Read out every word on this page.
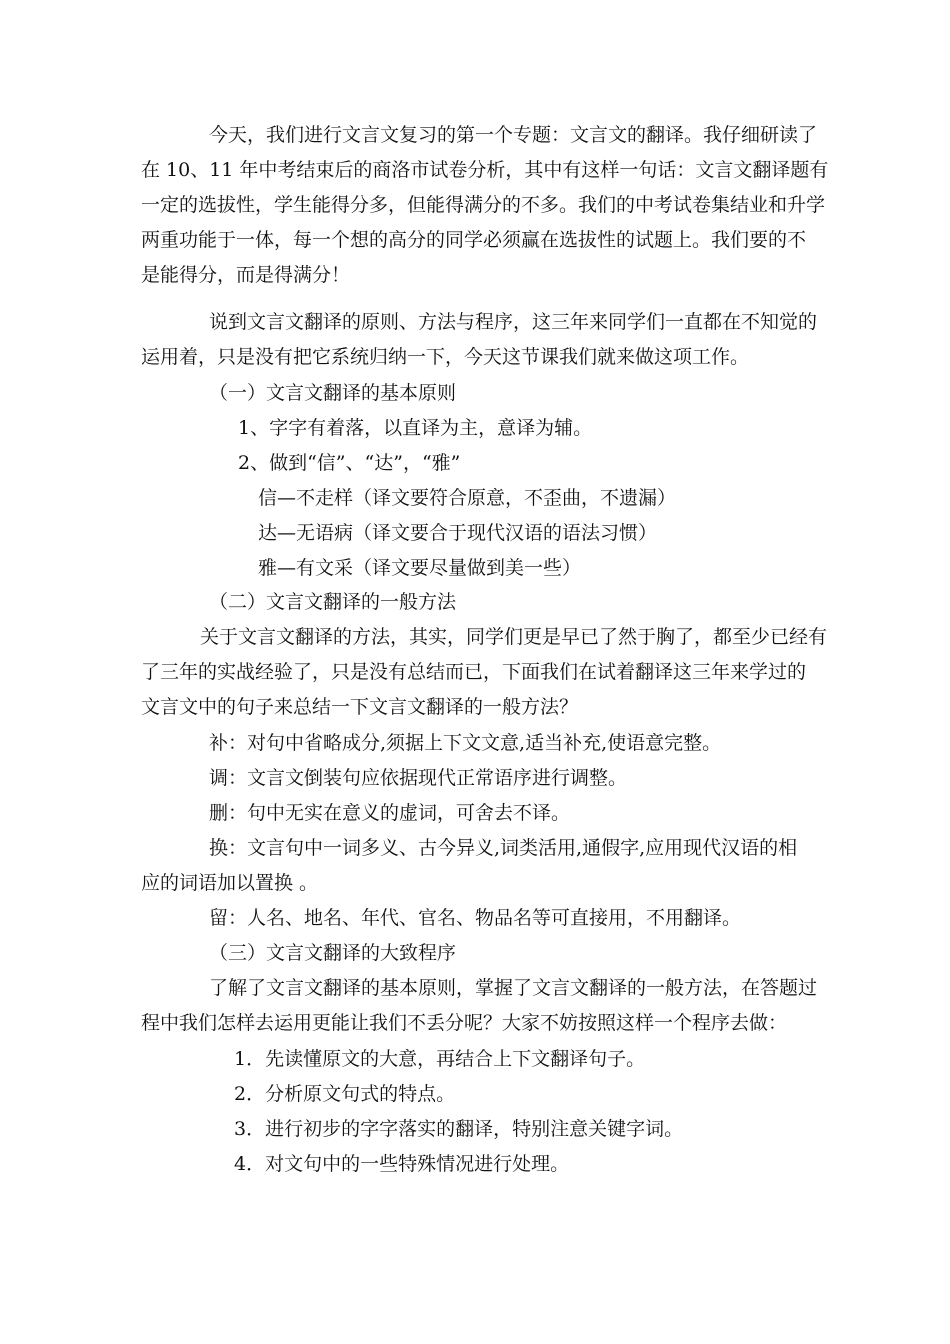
今天，我们进行文言文复习的第一个专题：文言文的翻译。我仔细研读了

在 10、11 年中考结束后的商洛市试卷分析，其中有这样一句话：文言文翻译题有

一定的选拔性，学生能得分多，但能得满分的不多。我们的中考试卷集结业和升学

两重功能于一体，每一个想的高分的同学必须赢在选拔性的试题上。我们要的不

是能得分，而是得满分！

说到文言文翻译的原则、方法与程序，这三年来同学们一直都在不知觉的

运用着，只是没有把它系统归纳一下，今天这节课我们就来做这项工作。

（一）文言文翻译的基本原则

1、字字有着落，以直译为主，意译为辅。

2、做到“信”、“达”，“雅”

信—不走样（译文要符合原意，不歪曲，不遗漏）

达—无语病（译文要合于现代汉语的语法习惯）

雅—有文采（译文要尽量做到美一些）

（二）文言文翻译的一般方法

关于文言文翻译的方法，其实，同学们更是早已了然于胸了，都至少已经有

了三年的实战经验了，只是没有总结而已，下面我们在试着翻译这三年来学过的

文言文中的句子来总结一下文言文翻译的一般方法？

补：对句中省略成分,须据上下文文意,适当补充,使语意完整。

调：文言文倒装句应依据现代正常语序进行调整。

删：句中无实在意义的虚词，可舍去不译。

换：文言句中一词多义、古今异义,词类活用,通假字,应用现代汉语的相

应的词语加以置换 。

留：人名、地名、年代、官名、物品名等可直接用，不用翻译。

（三）文言文翻译的大致程序

了解了文言文翻译的基本原则，掌握了文言文翻译的一般方法，在答题过

程中我们怎样去运用更能让我们不丢分呢？大家不妨按照这样一个程序去做：

1．先读懂原文的大意，再结合上下文翻译句子。

2．分析原文句式的特点。

3．进行初步的字字落实的翻译，特别注意关键字词。

4．对文句中的一些特殊情况进行处理。
